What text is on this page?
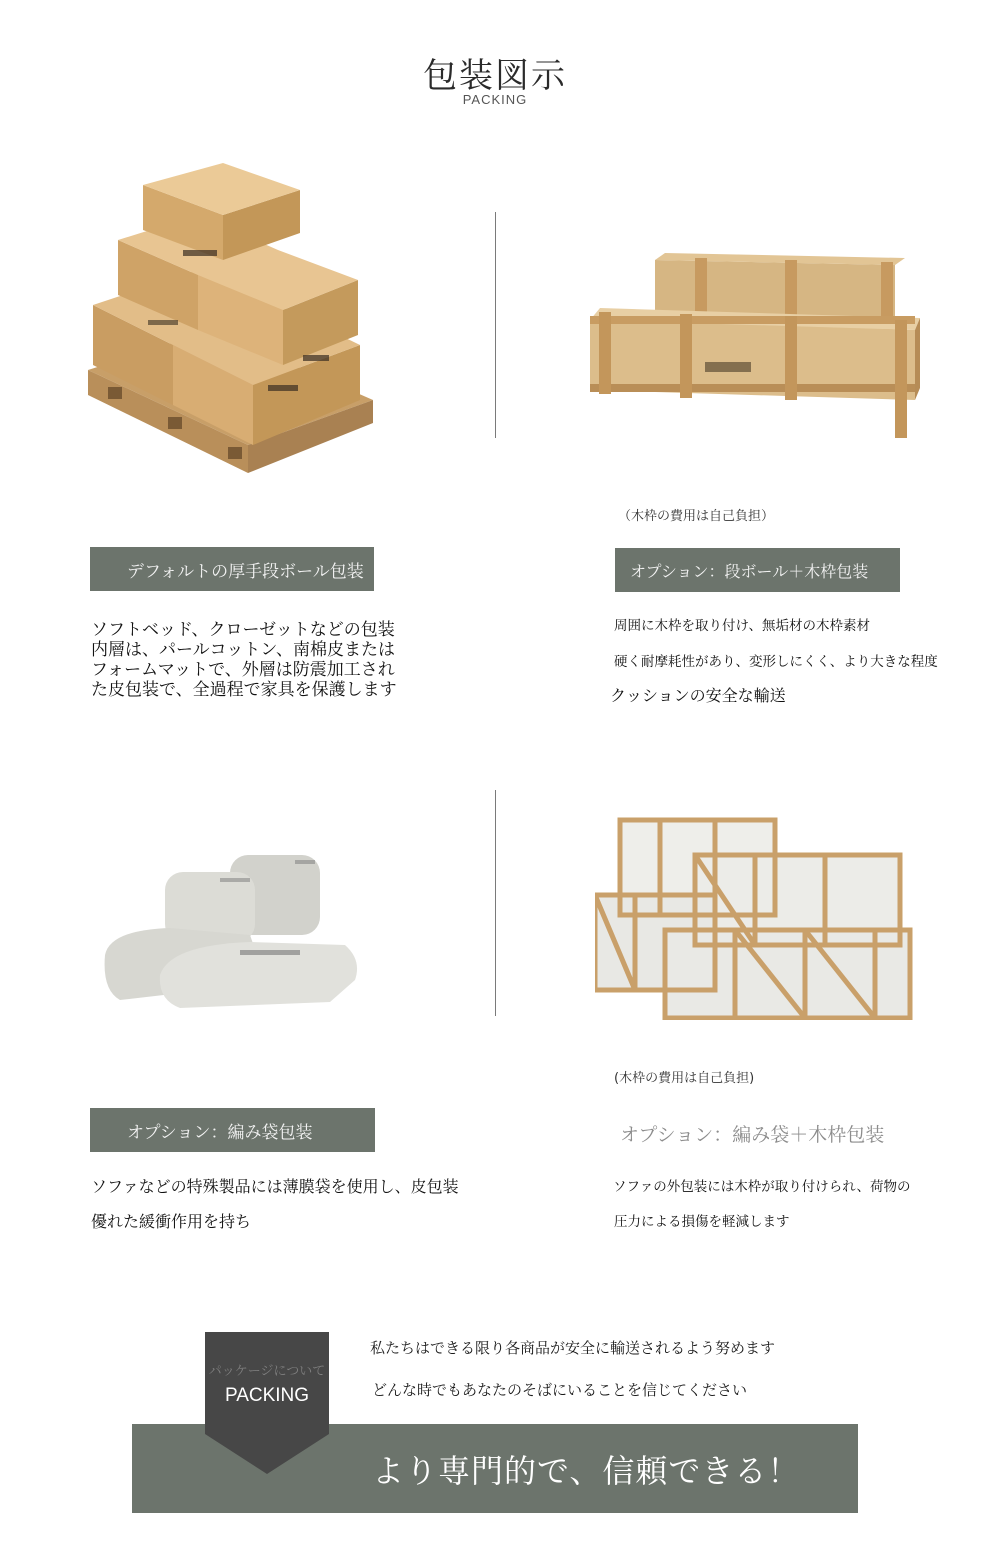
包装図示
PACKING
（木枠の費用は自己負担）
デフォルトの厚手段ボール包装
ソフトベッド、クローゼットなどの包装
内層は、パールコットン、南棉皮または
フォームマットで、外層は防震加工され
た皮包装で、全過程で家具を保護します
オプション：段ボール＋木枠包装
周囲に木枠を取り付け、無垢材の木枠素材
硬く耐摩耗性があり、変形しにくく、より大きな程度
クッションの安全な輸送
(木枠の費用は自己負担)
オプション：編み袋包装
ソファなどの特殊製品には薄膜袋を使用し、皮包装
優れた緩衝作用を持ち
オプション：編み袋＋木枠包装
ソファの外包装には木枠が取り付けられ、荷物の
圧力による損傷を軽減します
私たちはできる限り各商品が安全に輸送されるよう努めます
どんな時でもあなたのそばにいることを信じてください
より専門的で、信頼できる！
パッケージについて
PACKING
